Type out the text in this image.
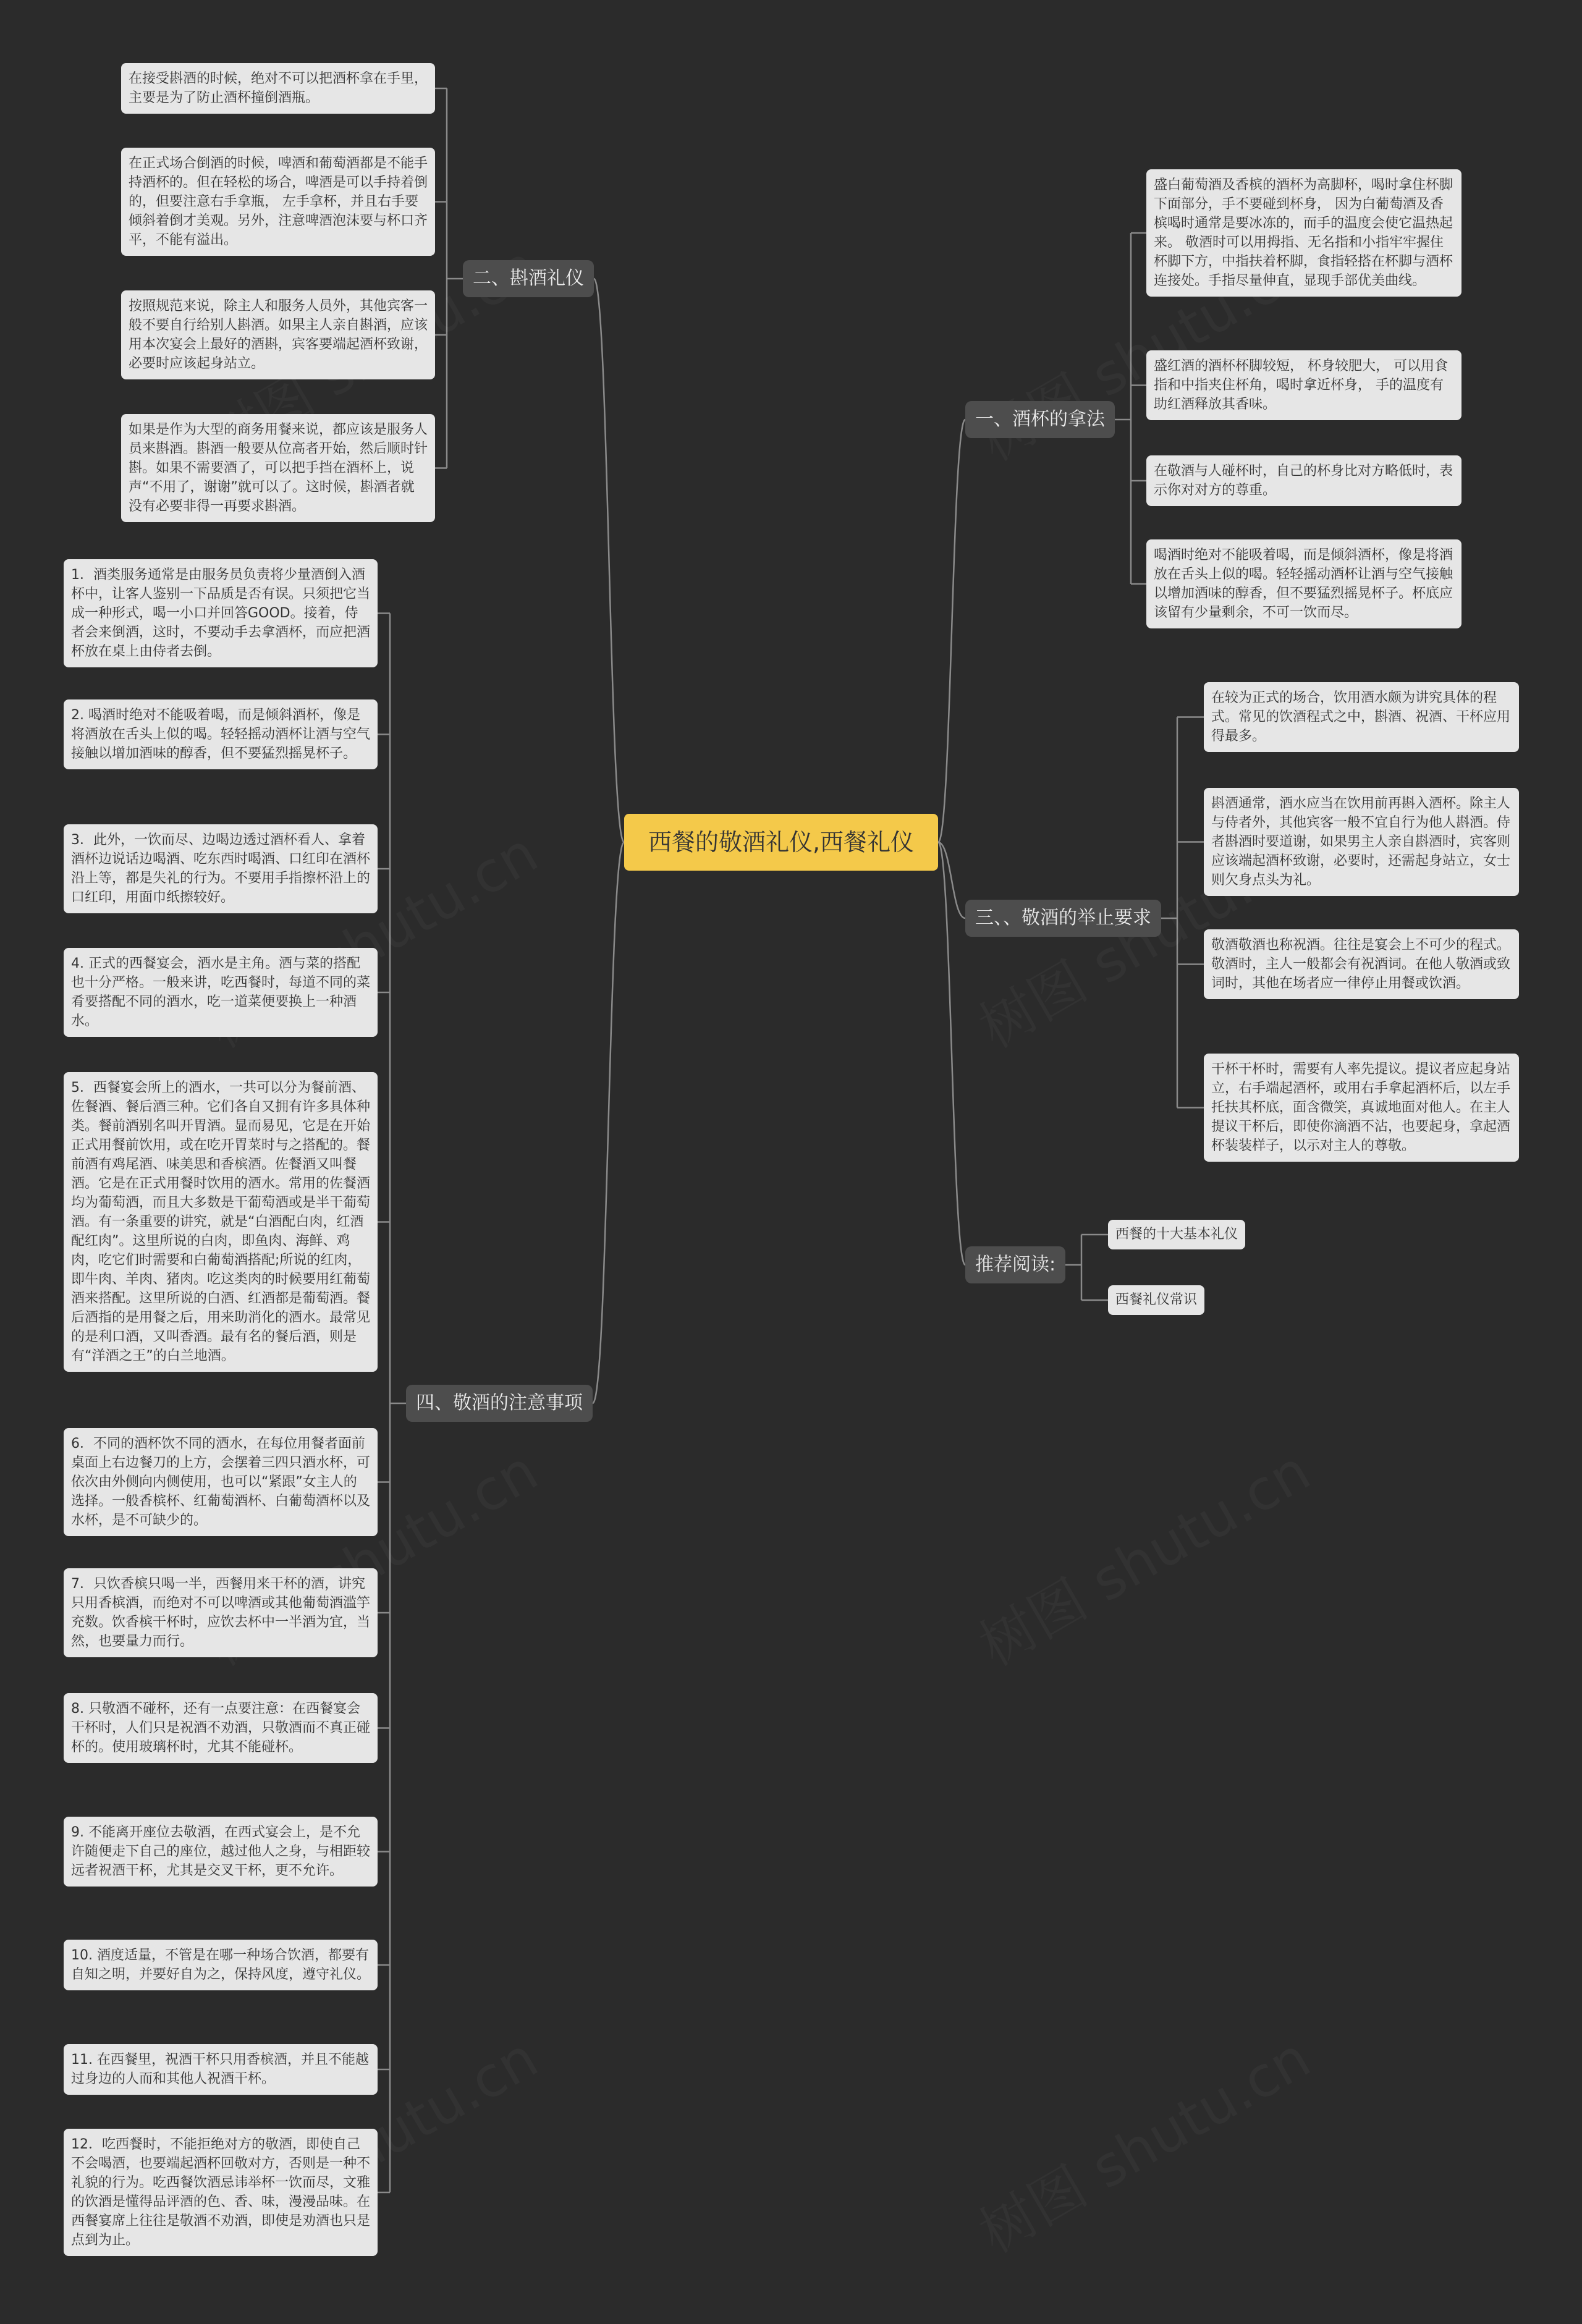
西餐的敬酒礼仪,西餐礼仪
一、酒杯的拿法
盛白葡萄酒及香槟的酒杯为高脚杯，喝时拿住杯脚下面部分，手不要碰到杯身， 因为白葡萄酒及香槟喝时通常是要冰冻的，而手的温度会使它温热起来。 敬酒时可以用拇指、无名指和小指牢牢握住杯脚下方，中指扶着杯脚，食指轻搭在杯脚与酒杯连接处。手指尽量伸直，显现手部优美曲线。
盛红酒的酒杯杯脚较短， 杯身较肥大， 可以用食指和中指夹住杯角，喝时拿近杯身， 手的温度有助红酒释放其香味。
在敬酒与人碰杯时，自己的杯身比对方略低时，表示你对对方的尊重。
喝酒时绝对不能吸着喝，而是倾斜酒杯，像是将酒放在舌头上似的喝。轻轻摇动酒杯让酒与空气接触以增加酒味的醇香，但不要猛烈摇晃杯子。杯底应该留有少量剩余，不可一饮而尽。
二、斟酒礼仪
在接受斟酒的时候，绝对不可以把酒杯拿在手里，主要是为了防止酒杯撞倒酒瓶。
在正式场合倒酒的时候，啤酒和葡萄酒都是不能手持酒杯的。但在轻松的场合，啤酒是可以手持着倒的，但要注意右手拿瓶， 左手拿杯，并且右手要倾斜着倒才美观。另外，注意啤酒泡沫要与杯口齐平，不能有溢出。
按照规范来说，除主人和服务人员外，其他宾客一般不要自行给别人斟酒。如果主人亲自斟酒，应该用本次宴会上最好的酒斟，宾客要端起酒杯致谢，必要时应该起身站立。
如果是作为大型的商务用餐来说，都应该是服务人员来斟酒。斟酒一般要从位高者开始，然后顺时针斟。如果不需要酒了，可以把手挡在酒杯上，说声“不用了，谢谢”就可以了。这时候，斟酒者就没有必要非得一再要求斟酒。
三、、敬酒的举止要求
在较为正式的场合，饮用酒水颇为讲究具体的程式。常见的饮酒程式之中，斟酒、祝酒、干杯应用得最多。
斟酒通常，酒水应当在饮用前再斟入酒杯。除主人与侍者外，其他宾客一般不宜自行为他人斟酒。侍者斟酒时要道谢，如果男主人亲自斟酒时，宾客则应该端起酒杯致谢，必要时，还需起身站立，女士则欠身点头为礼。
敬酒敬酒也称祝酒。往往是宴会上不可少的程式。敬酒时，主人一般都会有祝酒词。在他人敬酒或致词时，其他在场者应一律停止用餐或饮酒。
干杯干杯时，需要有人率先提议。提议者应起身站立，右手端起酒杯，或用右手拿起酒杯后，以左手托扶其杯底，面含微笑，真诚地面对他人。在主人提议干杯后，即使你滴酒不沾，也要起身，拿起酒杯装装样子，以示对主人的尊敬。
四、敬酒的注意事项
1．酒类服务通常是由服务员负责将少量酒倒入酒杯中，让客人鉴别一下品质是否有误。只须把它当成一种形式，喝一小口并回答GOOD。接着，侍者会来倒酒，这时，不要动手去拿酒杯，而应把酒杯放在桌上由侍者去倒。
2. 喝酒时绝对不能吸着喝，而是倾斜酒杯，像是将酒放在舌头上似的喝。轻轻摇动酒杯让酒与空气接触以增加酒味的醇香，但不要猛烈摇晃杯子。
3．此外，一饮而尽、边喝边透过酒杯看人、拿着酒杯边说话边喝酒、吃东西时喝酒、口红印在酒杯沿上等，都是失礼的行为。不要用手指擦杯沿上的口红印，用面巾纸擦较好。
4. 正式的西餐宴会，酒水是主角。酒与菜的搭配也十分严格。一般来讲，吃西餐时，每道不同的菜肴要搭配不同的酒水，吃一道菜便要换上一种酒水。
5．西餐宴会所上的酒水，一共可以分为餐前酒、佐餐酒、餐后酒三种。它们各自又拥有许多具体种类。餐前酒别名叫开胃酒。显而易见，它是在开始正式用餐前饮用，或在吃开胃菜时与之搭配的。餐前酒有鸡尾酒、味美思和香槟酒。佐餐酒又叫餐酒。它是在正式用餐时饮用的酒水。常用的佐餐酒均为葡萄酒，而且大多数是干葡萄酒或是半干葡萄酒。有一条重要的讲究，就是“白酒配白肉，红酒配红肉”。这里所说的白肉，即鱼肉、海鲜、鸡肉，吃它们时需要和白葡萄酒搭配;所说的红肉，即牛肉、羊肉、猪肉。吃这类肉的时候要用红葡萄酒来搭配。这里所说的白酒、红酒都是葡萄酒。餐后酒指的是用餐之后，用来助消化的酒水。最常见的是利口酒，又叫香酒。最有名的餐后酒，则是有“洋酒之王”的白兰地酒。
6．不同的酒杯饮不同的酒水，在每位用餐者面前桌面上右边餐刀的上方，会摆着三四只酒水杯，可依次由外侧向内侧使用，也可以“紧跟”女主人的选择。一般香槟杯、红葡萄酒杯、白葡萄酒杯以及水杯，是不可缺少的。
7．只饮香槟只喝一半，西餐用来干杯的酒，讲究只用香槟酒，而绝对不可以啤酒或其他葡萄酒滥竽充数。饮香槟干杯时，应饮去杯中一半酒为宜，当然，也要量力而行。
8. 只敬酒不碰杯，还有一点要注意：在西餐宴会干杯时，人们只是祝酒不劝酒，只敬酒而不真正碰杯的。使用玻璃杯时，尤其不能碰杯。
9. 不能离开座位去敬酒，在西式宴会上，是不允许随便走下自己的座位，越过他人之身，与相距较远者祝酒干杯，尤其是交叉干杯，更不允许。
10. 酒度适量，不管是在哪一种场合饮酒，都要有自知之明，并要好自为之，保持风度，遵守礼仪。
11. 在西餐里，祝酒干杯只用香槟酒，并且不能越过身边的人而和其他人祝酒干杯。
12．吃西餐时，不能拒绝对方的敬酒，即使自己不会喝酒，也要端起酒杯回敬对方，否则是一种不礼貌的行为。吃西餐饮酒忌讳举杯一饮而尽，文雅的饮酒是懂得品评酒的色、香、味，漫漫品味。在西餐宴席上往往是敬酒不劝酒，即使是劝酒也只是点到为止。
推荐阅读:
西餐的十大基本礼仪
西餐礼仪常识
